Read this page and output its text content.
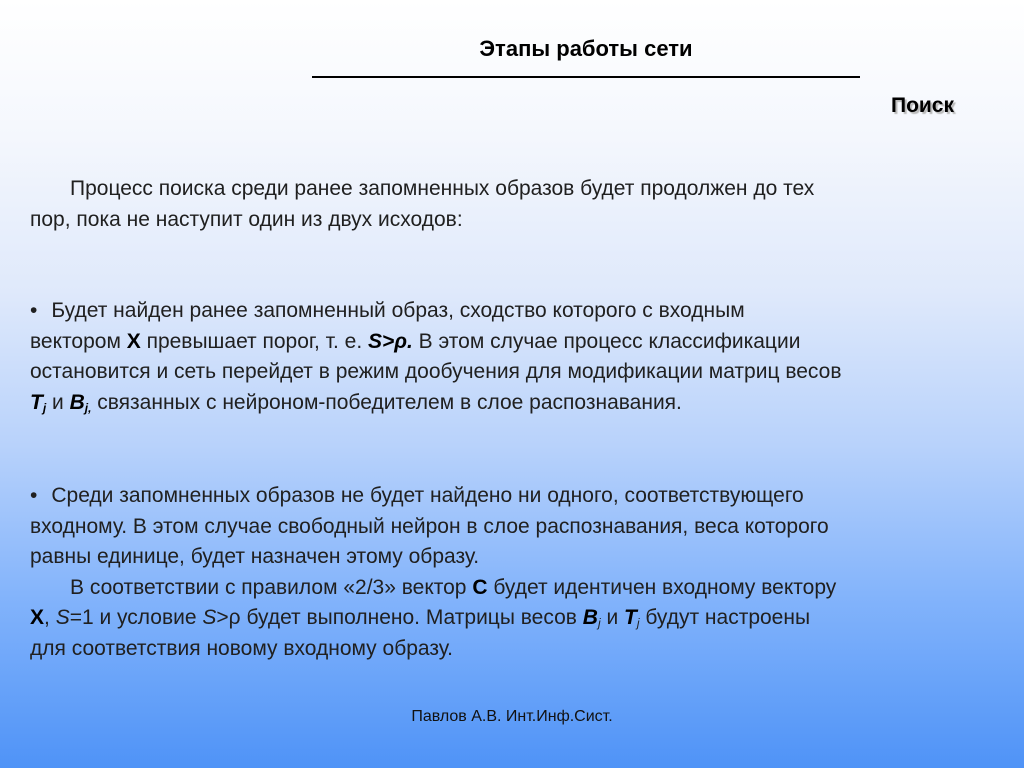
Этапы работы сети
Поиск

Процесс поиска среди ранее запомненных образов будет продолжен до тех

пор, пока не наступит один из двух исходов:

• Будет найден ранее запомненный образ, сходство которого с входным

вектором X превышает порог, т. е. S>ρ. В этом случае процесс классификации

остановится и сеть перейдет в режим дообучения для модификации матриц весов

$T_j$ и $B_{j,}$ связанных с нейроном-победителем в слое распознавания.

• Среди запомненных образов не будет найдено ни одного, соответствующего

входному. В этом случае свободный нейрон в слое распознавания, веса которого

равны единице, будет назначен этому образу.

В соответствии с правилом «2/3» вектор C будет идентичен входному вектору

X, S=1 и условие S>ρ будет выполнено. Матрицы весов $B_j$ и $T_j$ будут настроены

для соответствия новому входному образу.

Павлов А.В. Инт.Инф.Сист.
